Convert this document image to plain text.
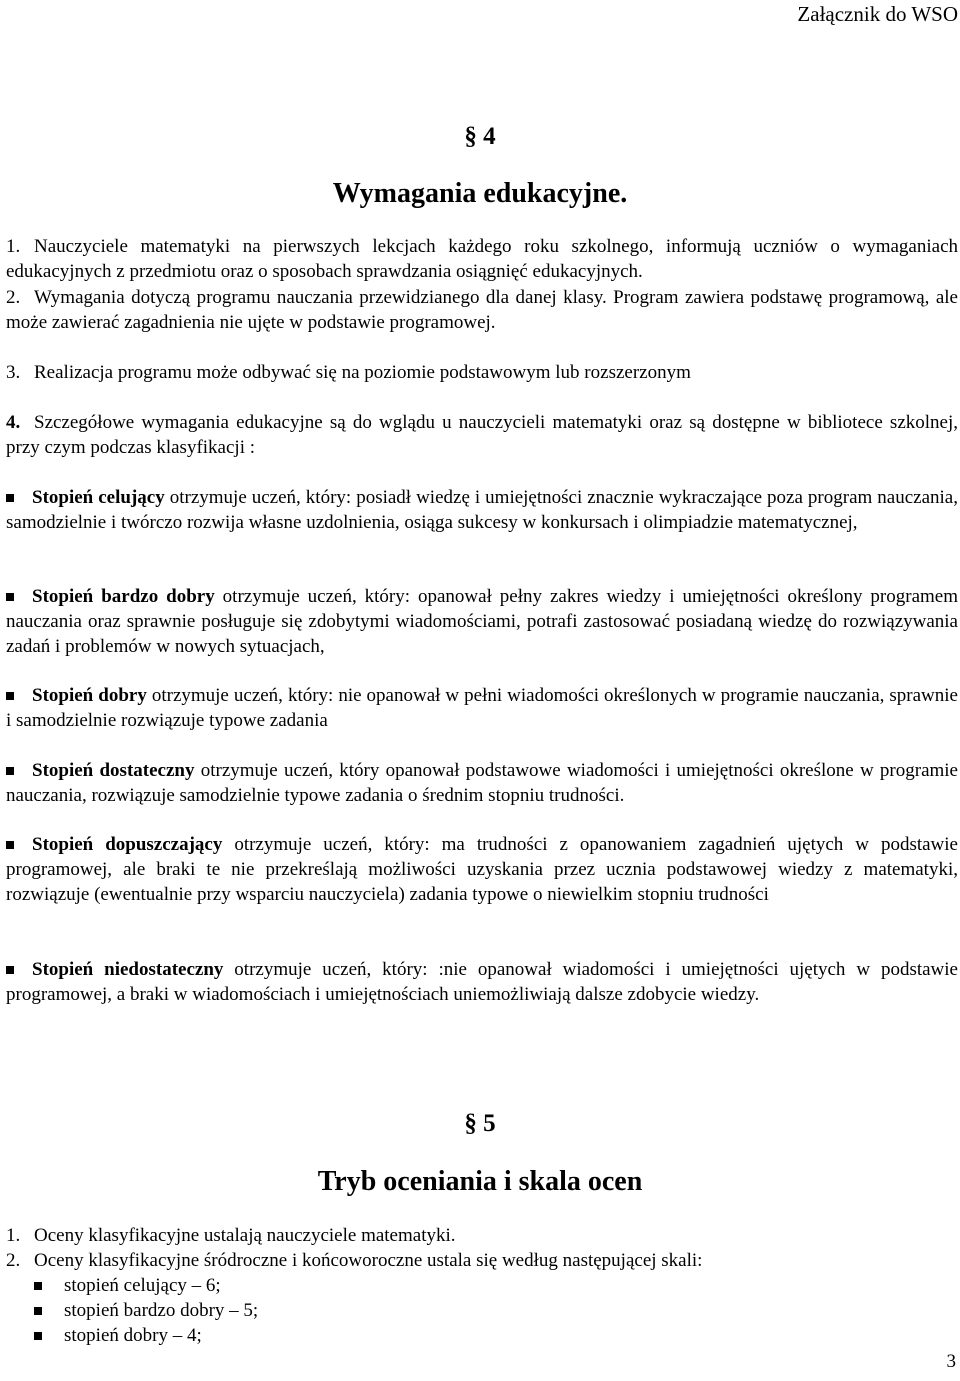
Załącznik do WSO
§ 4
Wymagania edukacyjne.
1. Nauczyciele matematyki na pierwszych lekcjach każdego roku szkolnego, informują uczniów o wymaganiach edukacyjnych z przedmiotu oraz o sposobach sprawdzania osiągnięć edukacyjnych.
2. Wymagania dotyczą programu nauczania przewidzianego dla danej klasy. Program zawiera podstawę programową, ale może zawierać zagadnienia nie ujęte w podstawie programowej.
3. Realizacja programu może odbywać się na poziomie podstawowym lub rozszerzonym
4. Szczegółowe wymagania edukacyjne są do wglądu u nauczycieli matematyki oraz są dostępne w bibliotece szkolnej, przy czym podczas klasyfikacji :
Stopień celujący otrzymuje uczeń, który: posiadł wiedzę i umiejętności znacznie wykraczające poza program nauczania, samodzielnie i twórczo rozwija własne uzdolnienia, osiąga sukcesy w konkursach i olimpiadzie matematycznej,
Stopień bardzo dobry otrzymuje uczeń, który: opanował pełny zakres wiedzy i umiejętności określony programem nauczania oraz sprawnie posługuje się zdobytymi wiadomościami, potrafi zastosować posiadaną wiedzę do rozwiązywania zadań i problemów w nowych sytuacjach,
Stopień dobry otrzymuje uczeń, który: nie opanował w pełni wiadomości określonych w programie nauczania, sprawnie i samodzielnie rozwiązuje typowe zadania
Stopień dostateczny otrzymuje uczeń, który opanował podstawowe wiadomości i umiejętności określone w programie nauczania, rozwiązuje samodzielnie typowe zadania o średnim stopniu trudności.
Stopień dopuszczający otrzymuje uczeń, który: ma trudności z opanowaniem zagadnień ujętych w podstawie programowej, ale braki te nie przekreślają możliwości uzyskania przez ucznia podstawowej wiedzy z matematyki, rozwiązuje (ewentualnie przy wsparciu nauczyciela) zadania typowe o niewielkim stopniu trudności
Stopień niedostateczny otrzymuje uczeń, który: :nie opanował wiadomości i umiejętności ujętych w podstawie programowej, a braki w wiadomościach i umiejętnościach uniemożliwiają dalsze zdobycie wiedzy.
§ 5
Tryb oceniania i skala ocen
1. Oceny klasyfikacyjne ustalają nauczyciele matematyki.
2. Oceny klasyfikacyjne śródroczne i końcoworoczne ustala się według następującej skali:
stopień celujący – 6;
stopień bardzo dobry – 5;
stopień dobry – 4;
3
